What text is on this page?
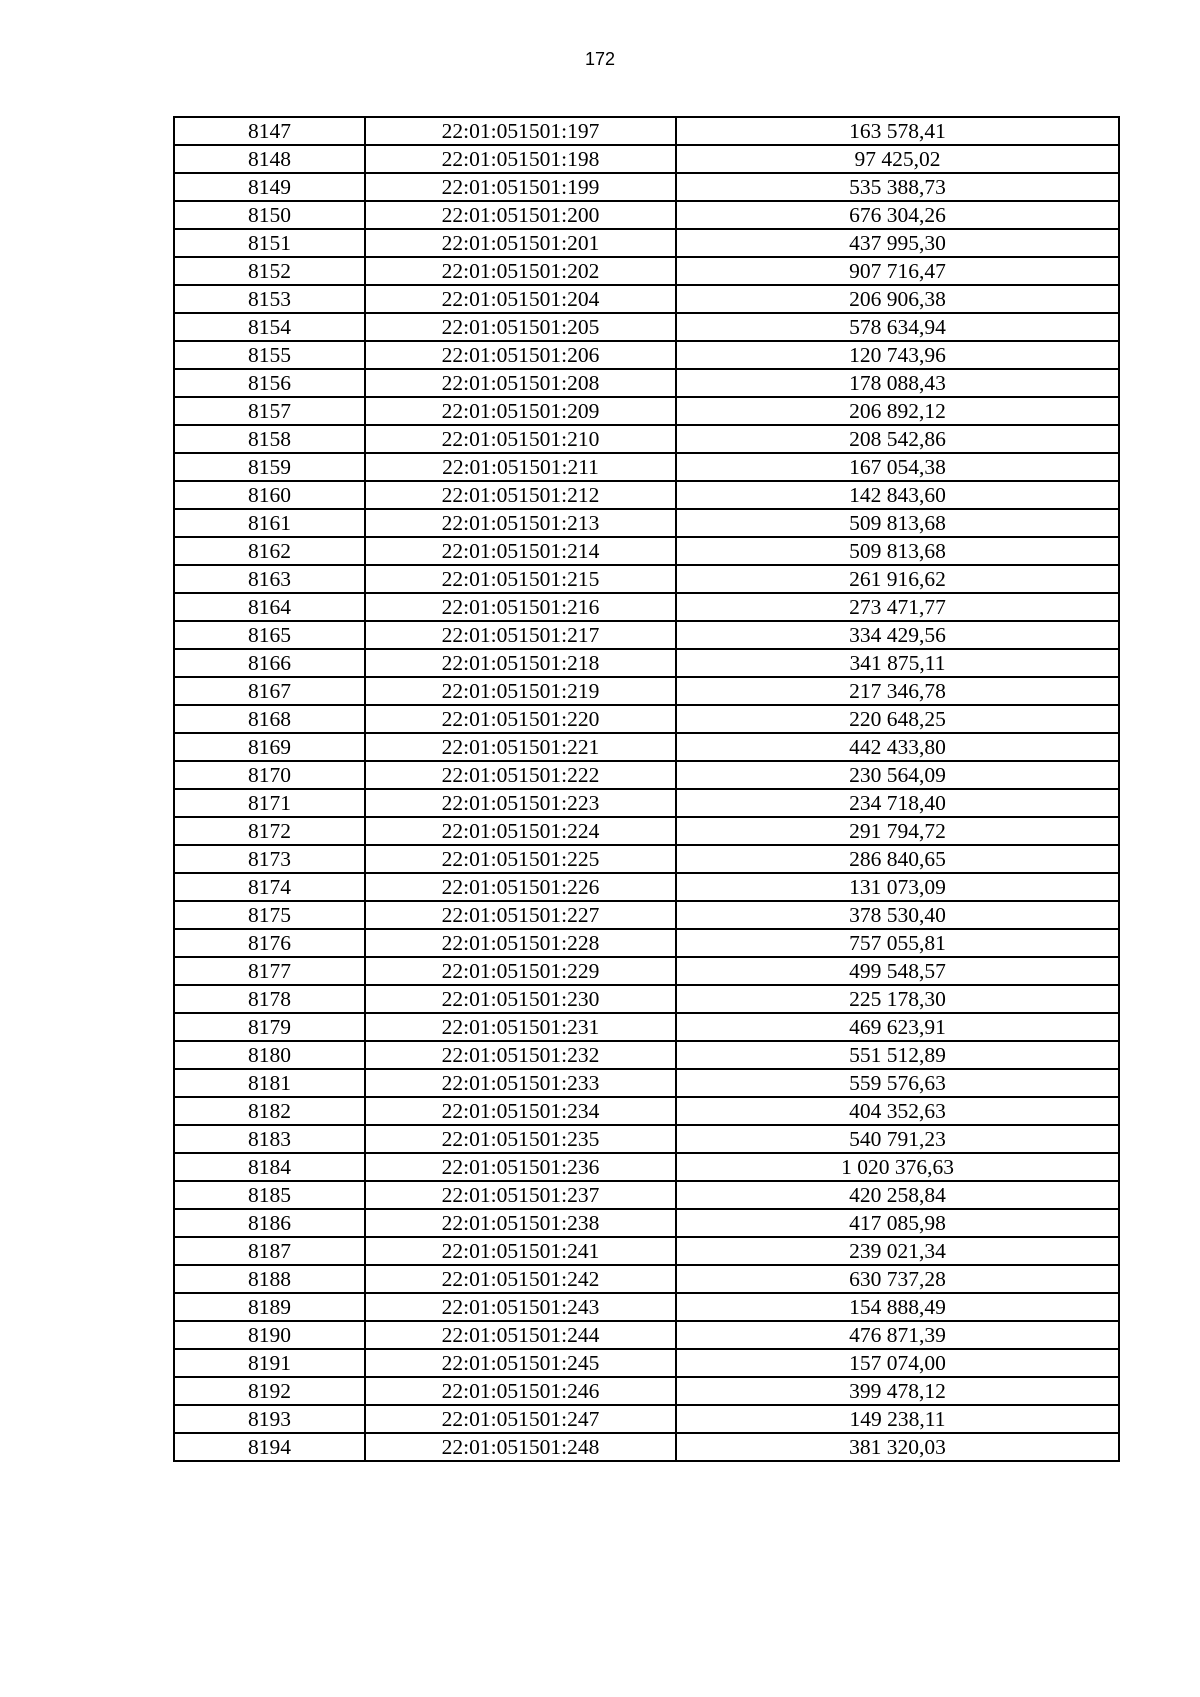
172
8147	22:01:051501:197	163 578,41
8148	22:01:051501:198	97 425,02
8149	22:01:051501:199	535 388,73
8150	22:01:051501:200	676 304,26
8151	22:01:051501:201	437 995,30
8152	22:01:051501:202	907 716,47
8153	22:01:051501:204	206 906,38
8154	22:01:051501:205	578 634,94
8155	22:01:051501:206	120 743,96
8156	22:01:051501:208	178 088,43
8157	22:01:051501:209	206 892,12
8158	22:01:051501:210	208 542,86
8159	22:01:051501:211	167 054,38
8160	22:01:051501:212	142 843,60
8161	22:01:051501:213	509 813,68
8162	22:01:051501:214	509 813,68
8163	22:01:051501:215	261 916,62
8164	22:01:051501:216	273 471,77
8165	22:01:051501:217	334 429,56
8166	22:01:051501:218	341 875,11
8167	22:01:051501:219	217 346,78
8168	22:01:051501:220	220 648,25
8169	22:01:051501:221	442 433,80
8170	22:01:051501:222	230 564,09
8171	22:01:051501:223	234 718,40
8172	22:01:051501:224	291 794,72
8173	22:01:051501:225	286 840,65
8174	22:01:051501:226	131 073,09
8175	22:01:051501:227	378 530,40
8176	22:01:051501:228	757 055,81
8177	22:01:051501:229	499 548,57
8178	22:01:051501:230	225 178,30
8179	22:01:051501:231	469 623,91
8180	22:01:051501:232	551 512,89
8181	22:01:051501:233	559 576,63
8182	22:01:051501:234	404 352,63
8183	22:01:051501:235	540 791,23
8184	22:01:051501:236	1 020 376,63
8185	22:01:051501:237	420 258,84
8186	22:01:051501:238	417 085,98
8187	22:01:051501:241	239 021,34
8188	22:01:051501:242	630 737,28
8189	22:01:051501:243	154 888,49
8190	22:01:051501:244	476 871,39
8191	22:01:051501:245	157 074,00
8192	22:01:051501:246	399 478,12
8193	22:01:051501:247	149 238,11
8194	22:01:051501:248	381 320,03
